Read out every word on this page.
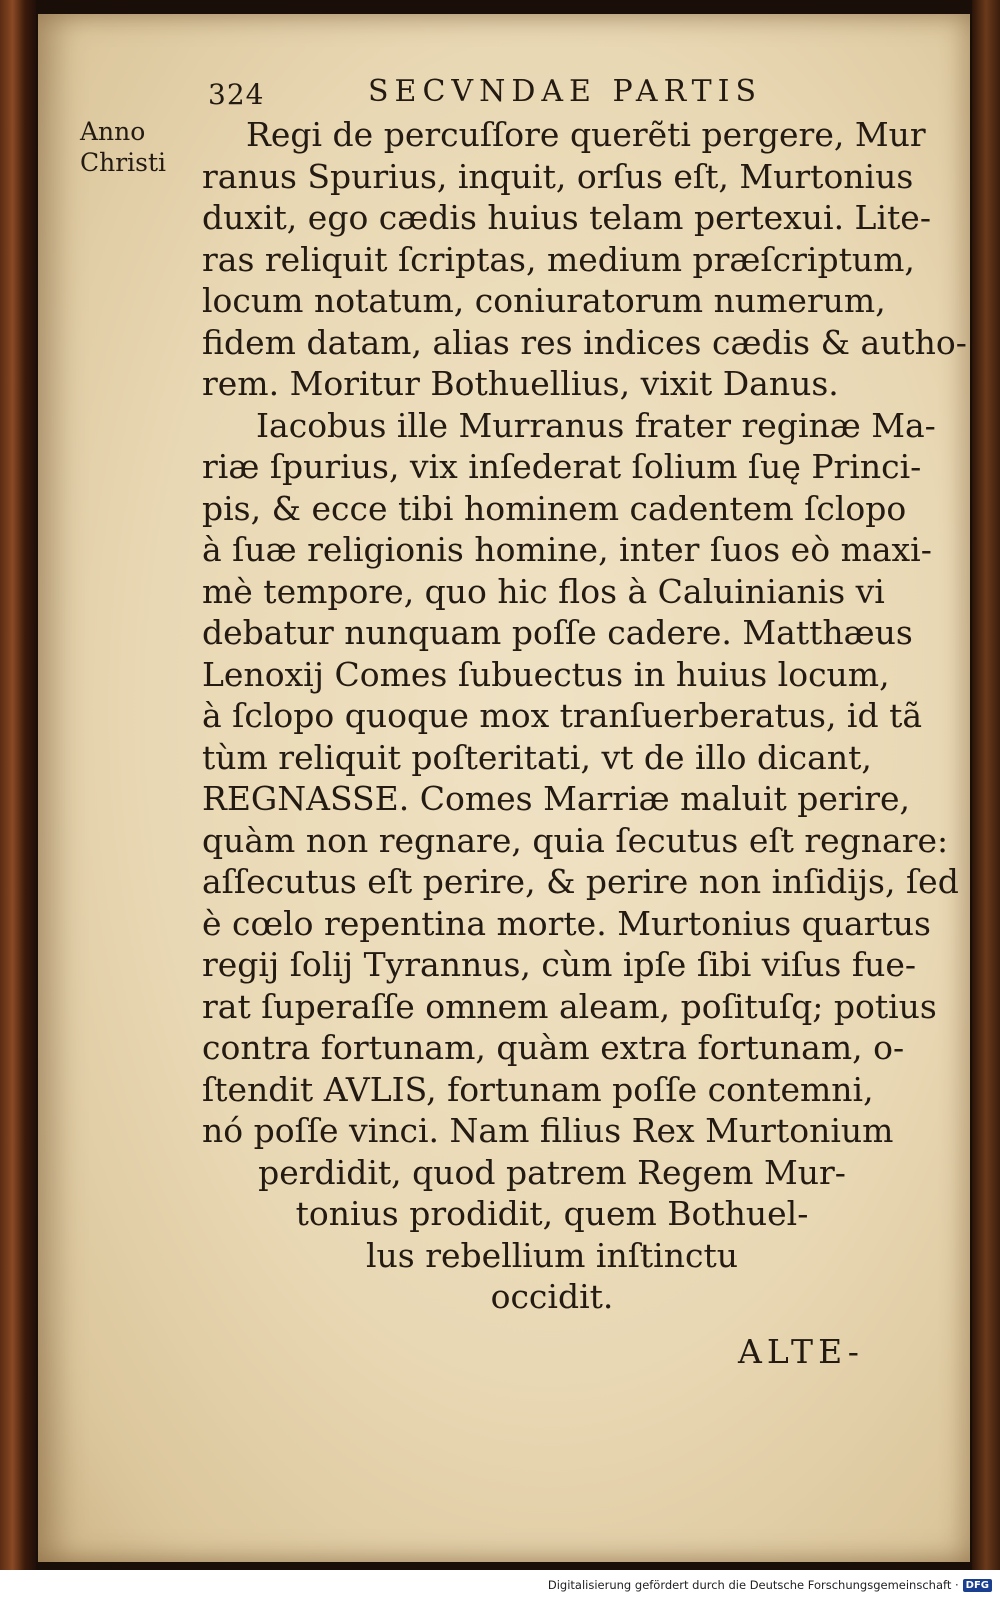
324	SECVNDAE PARTIS
Anno
Christi
Regi de percuſſore querẽti pergere, Mur
ranus Spurius, inquit, orſus eſt, Murtonius
duxit, ego cædis huius telam pertexui. Lite-
ras reliquit ſcriptas, medium præſcriptum,
locum notatum, coniuratorum numerum,
fidem datam, alias res indices cædis & autho-
rem. Moritur Bothuellius, vixit Danus.
Iacobus ille Murranus frater reginæ Ma-
riæ ſpurius, vix inſederat ſolium ſuę Princi-
pis, & ecce tibi hominem cadentem ſclopo
à ſuæ religionis homine, inter ſuos eò maxi-
mè tempore, quo hic flos à Caluinianis vi
debatur nunquam poſſe cadere. Matthæus
Lenoxij Comes ſubuectus in huius locum,
à ſclopo quoque mox tranſuerberatus, id tã
tùm reliquit poſteritati, vt de illo dicant,
REGNASSE. Comes Marriæ maluit perire,
quàm non regnare, quia ſecutus eſt regnare:
aſſecutus eſt perire, & perire non inſidijs, ſed
è cœlo repentina morte. Murtonius quartus
regij ſolij Tyrannus, cùm ipſe ſibi viſus fue-
rat ſuperaſſe omnem aleam, poſituſq; potius
contra fortunam, quàm extra fortunam, o-
ſtendit AVLIS, fortunam poſſe contemni,
nó poſſe vinci. Nam filius Rex Murtonium
perdidit, quod patrem Regem Mur-
tonius prodidit, quem Bothuel-
lus rebellium inſtinctu
occidit.
ALTE-
Digitalisierung gefördert durch die Deutsche Forschungsgemeinschaft · DFG
